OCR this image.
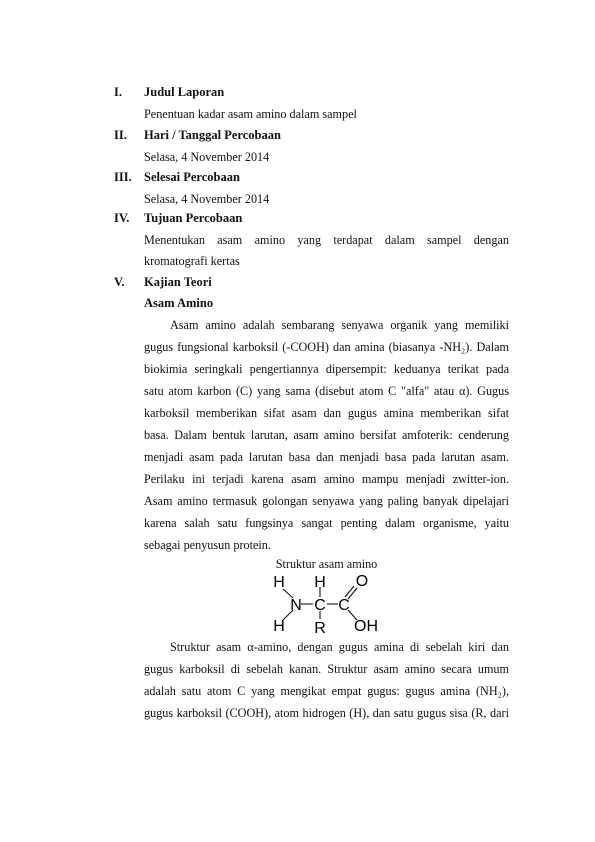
I. Judul Laporan
Penentuan kadar asam amino dalam sampel
II. Hari / Tanggal Percobaan
Selasa, 4 November 2014
III. Selesai Percobaan
Selasa, 4 November 2014
IV. Tujuan Percobaan
Menentukan asam amino yang terdapat dalam sampel dengan
kromatografi kertas
V. Kajian Teori
Asam Amino
Asam amino adalah sembarang senyawa organik yang memiliki
gugus fungsional karboksil (-COOH) dan amina (biasanya -NH₂). Dalam
biokimia seringkali pengertiannya dipersempit: keduanya terikat pada
satu atom karbon (C) yang sama (disebut atom C "alfa" atau α). Gugus
karboksil memberikan sifat asam dan gugus amina memberikan sifat
basa. Dalam bentuk larutan, asam amino bersifat amfoterik: cenderung
menjadi asam pada larutan basa dan menjadi basa pada larutan asam.
Perilaku ini terjadi karena asam amino mampu menjadi zwitter-ion.
Asam amino termasuk golongan senyawa yang paling banyak dipelajari
karena salah satu fungsinya sangat penting dalam organisme, yaitu
sebagai penyusun protein.
Struktur asam amino
H H
H
N C C
O
OH
R
Struktur asam α-amino, dengan gugus amina di sebelah kiri dan
gugus karboksil di sebelah kanan. Struktur asam amino secara umum
adalah satu atom C yang mengikat empat gugus: gugus amina (NH₂),
gugus karboksil (COOH), atom hidrogen (H), dan satu gugus sisa (R, dari
